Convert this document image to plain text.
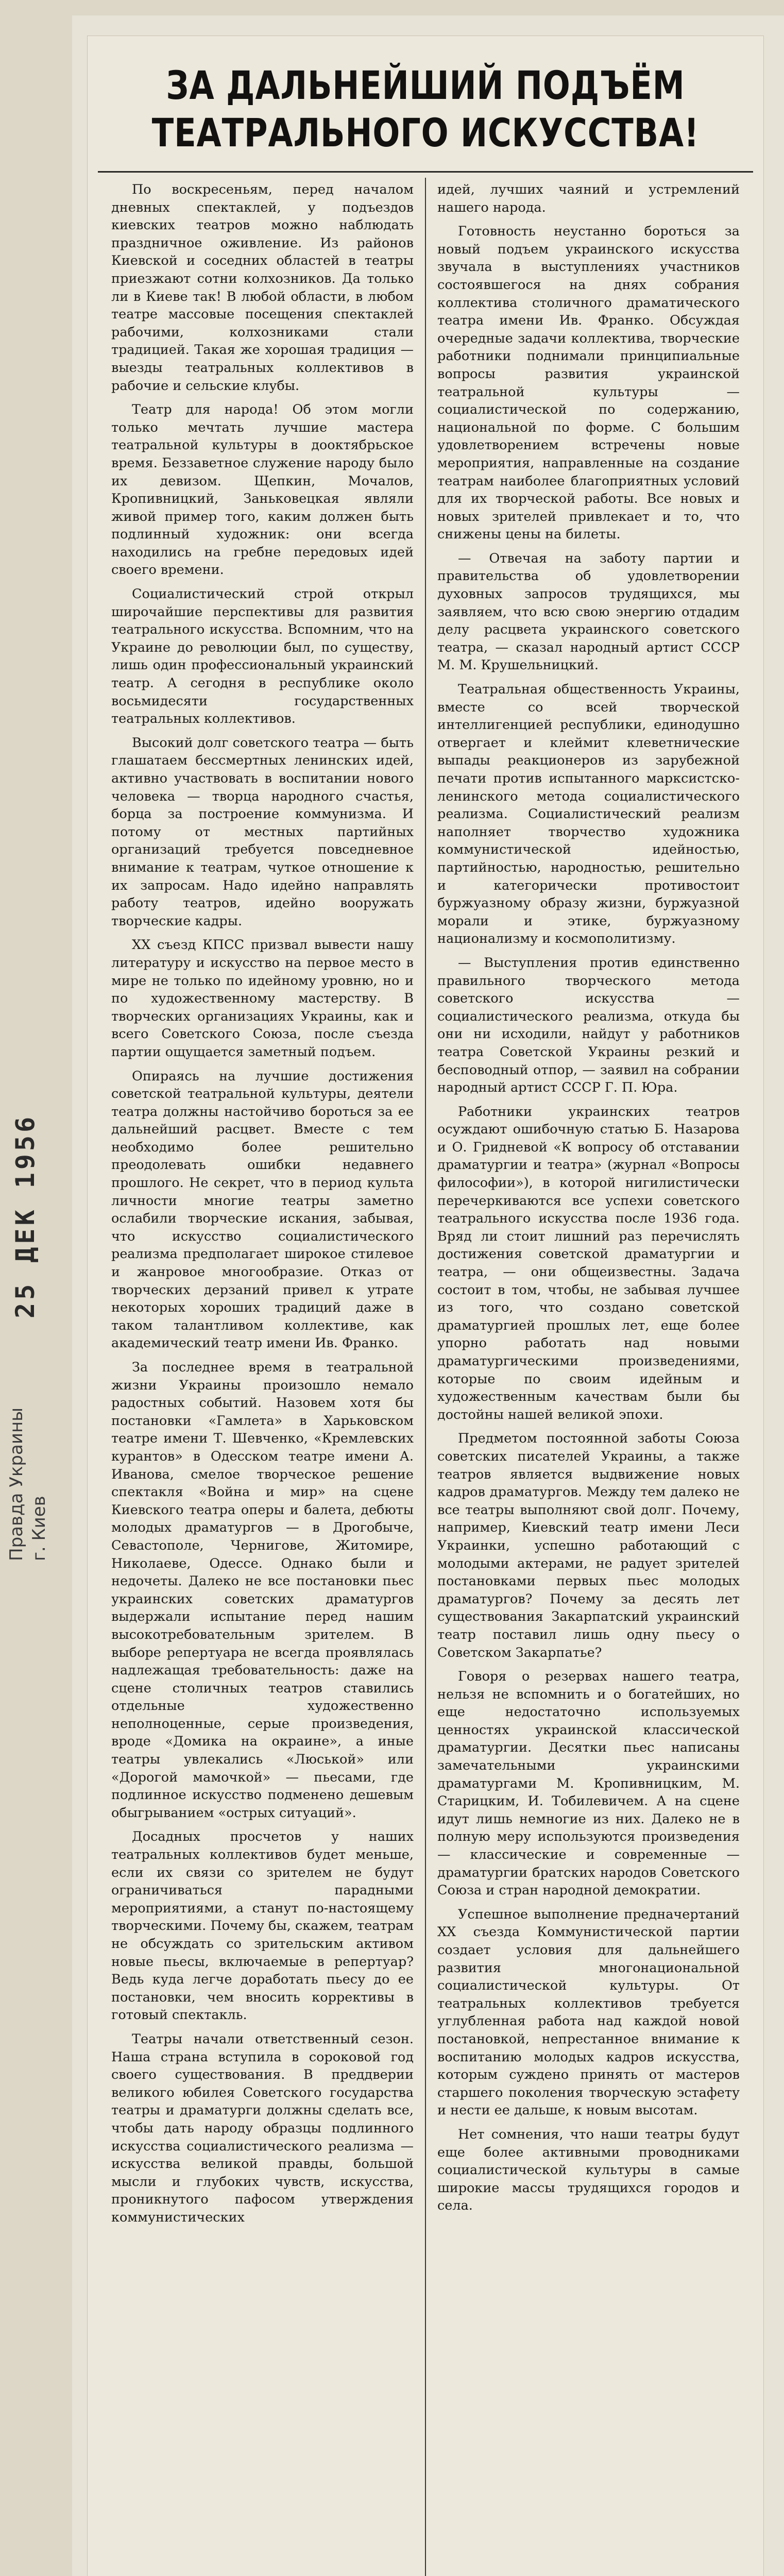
25 ДЕК 1956
Правда Украины г. Киев
ЗА ДАЛЬНЕЙШИЙ ПОДЪЁМ
ТЕАТРАЛЬНОГО ИСКУССТВА!

По воскресеньям, перед началом дневных спектаклей, у подъездов киевских театров можно наблюдать праздничное оживление. Из районов Киевской и соседних областей в театры приезжают сотни колхозников. Да только ли в Киеве так! В любой области, в любом театре массовые посещения спектаклей рабочими, колхозниками стали традицией. Такая же хорошая традиция — выезды театральных коллективов в рабочие и сельские клубы.

Театр для народа! Об этом могли только мечтать лучшие мастера театральной культуры в дооктябрьское время. Беззаветное служение народу было их девизом. Щепкин, Мочалов, Кропивницкий, Заньковецкая являли живой пример того, каким должен быть подлинный художник: они всегда находились на гребне передовых идей своего времени.

Социалистический строй открыл широчайшие перспективы для развития театрального искусства. Вспомним, что на Украине до революции был, по существу, лишь один профессиональный украинский театр. А сегодня в республике около восьмидесяти государственных театральных коллективов.

Высокий долг советского театра — быть глашатаем бессмертных ленинских идей, активно участвовать в воспитании нового человека — творца народного счастья, борца за построение коммунизма. И потому от местных партийных организаций требуется повседневное внимание к театрам, чуткое отношение к их запросам. Надо идейно направлять работу театров, идейно вооружать творческие кадры.

XX съезд КПСС призвал вывести нашу литературу и искусство на первое место в мире не только по идейному уровню, но и по художественному мастерству. В творческих организациях Украины, как и всего Советского Союза, после съезда партии ощущается заметный подъем.

Опираясь на лучшие достижения советской театральной культуры, деятели театра должны настойчиво бороться за ее дальнейший расцвет. Вместе с тем необходимо более решительно преодолевать ошибки недавнего прошлого. Не секрет, что в период культа личности многие театры заметно ослабили творческие искания, забывая, что искусство социалистического реализма предполагает широкое стилевое и жанровое многообразие. Отказ от творческих дерзаний привел к утрате некоторых хороших традиций даже в таком талантливом коллективе, как академический театр имени Ив. Франко.

За последнее время в театральной жизни Украины произошло немало радостных событий. Назовем хотя бы постановки «Гамлета» в Харьковском театре имени Т. Шевченко, «Кремлевских курантов» в Одесском театре имени А. Иванова, смелое творческое решение спектакля «Война и мир» на сцене Киевского театра оперы и балета, дебюты молодых драматургов — в Дрогобыче, Севастополе, Чернигове, Житомире, Николаеве, Одессе. Однако были и недочеты. Далеко не все постановки пьес украинских советских драматургов выдержали испытание перед нашим высокотребовательным зрителем. В выборе репертуара не всегда проявлялась надлежащая требовательность: даже на сцене столичных театров ставились отдельные художественно неполноценные, серые произведения, вроде «Домика на окраине», а иные театры увлекались «Люськой» или «Дорогой мамочкой» — пьесами, где подлинное искусство подменено дешевым обыгрыванием «острых ситуаций».

Досадных просчетов у наших театральных коллективов будет меньше, если их связи со зрителем не будут ограничиваться парадными мероприятиями, а станут по-настоящему творческими. Почему бы, скажем, театрам не обсуждать со зрительским активом новые пьесы, включаемые в репертуар? Ведь куда легче доработать пьесу до ее постановки, чем вносить коррективы в готовый спектакль.

Театры начали ответственный сезон. Наша страна вступила в сороковой год своего существования. В преддверии великого юбилея Советского государства театры и драматурги должны сделать все, чтобы дать народу образцы подлинного искусства социалистического реализма — искусства великой правды, большой мысли и глубоких чувств, искусства, проникнутого пафосом утверждения коммунистических

идей, лучших чаяний и устремлений нашего народа.

Готовность неустанно бороться за новый подъем украинского искусства звучала в выступлениях участников состоявшегося на днях собрания коллектива столичного драматического театра имени Ив. Франко. Обсуждая очередные задачи коллектива, творческие работники поднимали принципиальные вопросы развития украинской театральной культуры — социалистической по содержанию, национальной по форме. С большим удовлетворением встречены новые мероприятия, направленные на создание театрам наиболее благоприятных условий для их творческой работы. Все новых и новых зрителей привлекает и то, что снижены цены на билеты.

— Отвечая на заботу партии и правительства об удовлетворении духовных запросов трудящихся, мы заявляем, что всю свою энергию отдадим делу расцвета украинского советского театра, — сказал народный артист СССР М. М. Крушельницкий.

Театральная общественность Украины, вместе со всей творческой интеллигенцией республики, единодушно отвергает и клеймит клеветнические выпады реакционеров из зарубежной печати против испытанного марксистско-ленинского метода социалистического реализма. Социалистический реализм наполняет творчество художника коммунистической идейностью, партийностью, народностью, решительно и категорически противостоит буржуазному образу жизни, буржуазной морали и этике, буржуазному национализму и космополитизму.

— Выступления против единственно правильного творческого метода советского искусства — социалистического реализма, откуда бы они ни исходили, найдут у работников театра Советской Украины резкий и бесповодный отпор, — заявил на собрании народный артист СССР Г. П. Юра.

Работники украинских театров осуждают ошибочную статью Б. Назарова и О. Гридневой «К вопросу об отставании драматургии и театра» (журнал «Вопросы философии»), в которой нигилистически перечеркиваются все успехи советского театрального искусства после 1936 года. Вряд ли стоит лишний раз перечислять достижения советской драматургии и театра, — они общеизвестны. Задача состоит в том, чтобы, не забывая лучшее из того, что создано советской драматургией прошлых лет, еще более упорно работать над новыми драматургическими произведениями, которые по своим идейным и художественным качествам были бы достойны нашей великой эпохи.

Предметом постоянной заботы Союза советских писателей Украины, а также театров является выдвижение новых кадров драматургов. Между тем далеко не все театры выполняют свой долг. Почему, например, Киевский театр имени Леси Украинки, успешно работающий с молодыми актерами, не радует зрителей постановками первых пьес молодых драматургов? Почему за десять лет существования Закарпатский украинский театр поставил лишь одну пьесу о Советском Закарпатье?

Говоря о резервах нашего театра, нельзя не вспомнить и о богатейших, но еще недостаточно используемых ценностях украинской классической драматургии. Десятки пьес написаны замечательными украинскими драматургами М. Кропивницким, М. Старицким, И. Тобилевичем. А на сцене идут лишь немногие из них. Далеко не в полную меру используются произведения — классические и современные — драматургии братских народов Советского Союза и стран народной демократии.

Успешное выполнение предначертаний XX съезда Коммунистической партии создает условия для дальнейшего развития многонациональной социалистической культуры. От театральных коллективов требуется углубленная работа над каждой новой постановкой, непрестанное внимание к воспитанию молодых кадров искусства, которым суждено принять от мастеров старшего поколения творческую эстафету и нести ее дальше, к новым высотам.

Нет сомнения, что наши театры будут еще более активными проводниками социалистической культуры в самые широкие массы трудящихся городов и села.
